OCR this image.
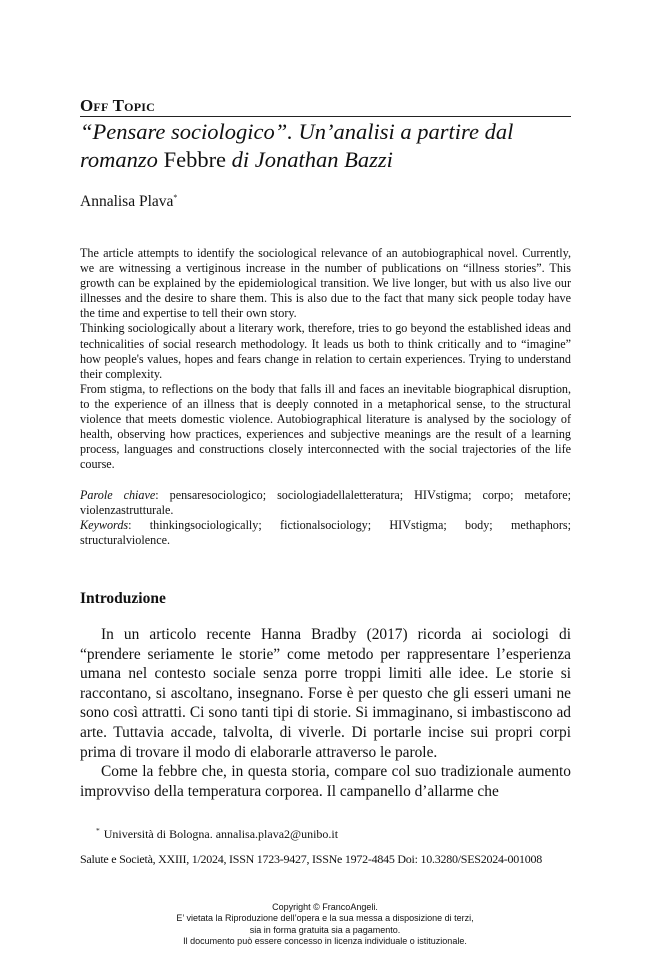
Off Topic
“Pensare sociologico”. Un’analisi a partire dal romanzo Febbre di Jonathan Bazzi
Annalisa Plava*

The article attempts to identify the sociological relevance of an autobiographical novel. Currently, we are witnessing a vertiginous increase in the number of publications on “illness stories”. This growth can be explained by the epidemiological transition. We live longer, but with us also live our illnesses and the desire to share them. This is also due to the fact that many sick people today have the time and expertise to tell their own story.

Thinking sociologically about a literary work, therefore, tries to go beyond the established ideas and technicalities of social research methodology. It leads us both to think critically and to “imagine” how people's values, hopes and fears change in relation to certain experiences. Trying to understand their complexity.

From stigma, to reflections on the body that falls ill and faces an inevitable biographical disruption, to the experience of an illness that is deeply connoted in a metaphorical sense, to the structural violence that meets domestic violence. Autobiographical literature is analysed by the sociology of health, observing how practices, experiences and subjective meanings are the result of a learning process, languages and constructions closely interconnected with the social trajectories of the life course.

Parole chiave: pensaresociologico; sociologiadellaletteratura; HIVstigma; corpo; metafore; violenzastrutturale.

Keywords: thinkingsociologically; fictionalsociology; HIVstigma; body; methaphors; structuralviolence.

Introduzione

In un articolo recente Hanna Bradby (2017) ricorda ai sociologi di “prendere seriamente le storie” come metodo per rappresentare l’esperienza umana nel contesto sociale senza porre troppi limiti alle idee. Le storie si raccontano, si ascoltano, insegnano. Forse è per questo che gli esseri umani ne sono così attratti. Ci sono tanti tipi di storie. Si immaginano, si imbastiscono ad arte. Tuttavia accade, talvolta, di viverle. Di portarle incise sui propri corpi prima di trovare il modo di elaborarle attraverso le parole.

Come la febbre che, in questa storia, compare col suo tradizionale aumento improvviso della temperatura corporea. Il campanello d’allarme che

* Università di Bologna. annalisa.plava2@unibo.it
Salute e Società, XXIII, 1/2024, ISSN 1723-9427, ISSNe 1972-4845 Doi: 10.3280/SES2024-001008
Copyright © FrancoAngeli.
E’ vietata la Riproduzione dell’opera e la sua messa a disposizione di terzi,
sia in forma gratuita sia a pagamento.
Il documento può essere concesso in licenza individuale o istituzionale.
